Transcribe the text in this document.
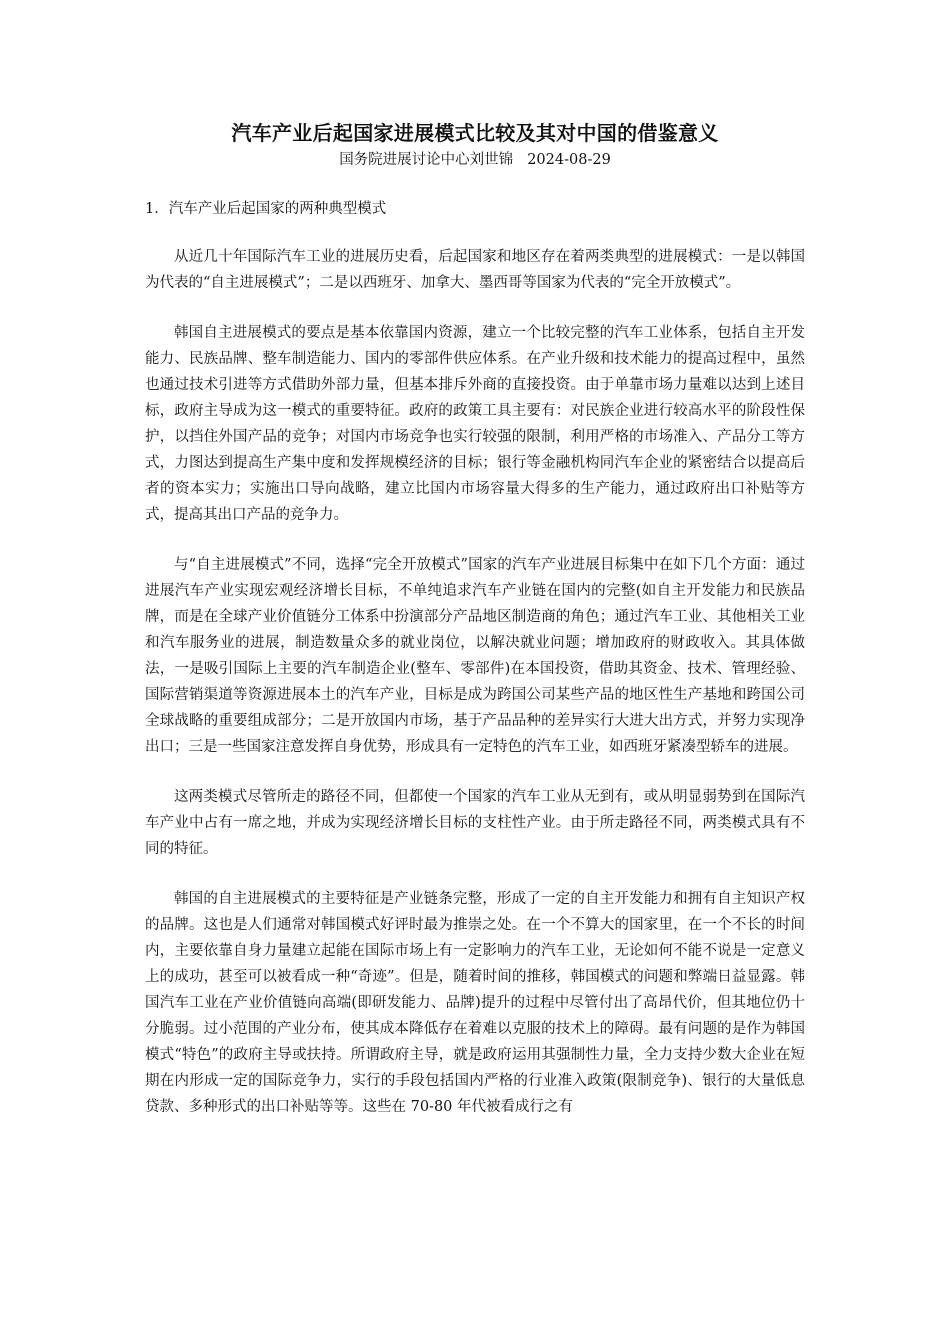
汽车产业后起国家进展模式比较及其对中国的借鉴意义
国务院进展讨论中心刘世锦 2024-08-29
1．汽车产业后起国家的两种典型模式

从近几十年国际汽车工业的进展历史看，后起国家和地区存在着两类典型的进展模式：一是以韩国为代表的“自主进展模式”；二是以西班牙、加拿大、墨西哥等国家为代表的“完全开放模式”。

韩国自主进展模式的要点是基本依靠国内资源，建立一个比较完整的汽车工业体系，包括自主开发能力、民族品牌、整车制造能力、国内的零部件供应体系。在产业升级和技术能力的提高过程中，虽然也通过技术引进等方式借助外部力量，但基本排斥外商的直接投资。由于单靠市场力量难以达到上述目标，政府主导成为这一模式的重要特征。政府的政策工具主要有：对民族企业进行较高水平的阶段性保护，以挡住外国产品的竞争；对国内市场竞争也实行较强的限制，利用严格的市场准入、产品分工等方式，力图达到提高生产集中度和发挥规模经济的目标；银行等金融机构同汽车企业的紧密结合以提高后者的资本实力；实施出口导向战略，建立比国内市场容量大得多的生产能力，通过政府出口补贴等方式，提高其出口产品的竞争力。

与“自主进展模式”不同，选择“完全开放模式”国家的汽车产业进展目标集中在如下几个方面：通过进展汽车产业实现宏观经济增长目标，不单纯追求汽车产业链在国内的完整(如自主开发能力和民族品牌，而是在全球产业价值链分工体系中扮演部分产品地区制造商的角色；通过汽车工业、其他相关工业和汽车服务业的进展，制造数量众多的就业岗位，以解决就业问题；增加政府的财政收入。其具体做法，一是吸引国际上主要的汽车制造企业(整车、零部件)在本国投资，借助其资金、技术、管理经验、国际营销渠道等资源进展本土的汽车产业，目标是成为跨国公司某些产品的地区性生产基地和跨国公司全球战略的重要组成部分；二是开放国内市场，基于产品品种的差异实行大进大出方式，并努力实现净出口；三是一些国家注意发挥自身优势，形成具有一定特色的汽车工业，如西班牙紧凑型轿车的进展。

这两类模式尽管所走的路径不同，但都使一个国家的汽车工业从无到有，或从明显弱势到在国际汽车产业中占有一席之地，并成为实现经济增长目标的支柱性产业。由于所走路径不同，两类模式具有不同的特征。

韩国的自主进展模式的主要特征是产业链条完整，形成了一定的自主开发能力和拥有自主知识产权的品牌。这也是人们通常对韩国模式好评时最为推崇之处。在一个不算大的国家里，在一个不长的时间内，主要依靠自身力量建立起能在国际市场上有一定影响力的汽车工业，无论如何不能不说是一定意义上的成功，甚至可以被看成一种“奇迹”。但是，随着时间的推移，韩国模式的问题和弊端日益显露。韩国汽车工业在产业价值链向高端(即研发能力、品牌)提升的过程中尽管付出了高昂代价，但其地位仍十分脆弱。过小范围的产业分布，使其成本降低存在着难以克服的技术上的障碍。最有问题的是作为韩国模式“特色”的政府主导或扶持。所谓政府主导，就是政府运用其强制性力量，全力支持少数大企业在短期在内形成一定的国际竞争力，实行的手段包括国内严格的行业准入政策(限制竞争)、银行的大量低息贷款、多种形式的出口补贴等等。这些在 70-80 年代被看成行之有
